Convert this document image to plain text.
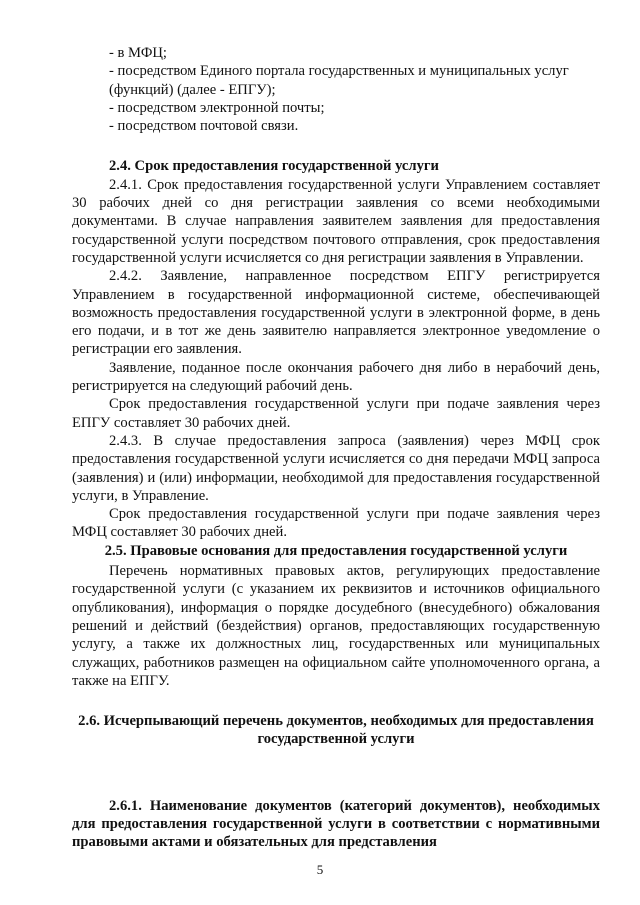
- в МФЦ;

- посредством Единого портала государственных и муниципальных услуг (функций) (далее - ЕПГУ);

- посредством электронной почты;

- посредством почтовой связи.

2.4. Срок предоставления государственной услуги

2.4.1. Срок предоставления государственной услуги Управлением составляет 30 рабочих дней со дня регистрации заявления со всеми необходимыми документами. В случае направления заявителем заявления для предоставления государственной услуги посредством почтового отправления, срок предоставления государственной услуги исчисляется со дня регистрации заявления в Управлении.

2.4.2. Заявление, направленное посредством ЕПГУ регистрируется Управлением в государственной информационной системе, обеспечивающей возможность предоставления государственной услуги в электронной форме, в день его подачи, и в тот же день заявителю направляется электронное уведомление о регистрации его заявления.

Заявление, поданное после окончания рабочего дня либо в нерабочий день, регистрируется на следующий рабочий день.

Срок предоставления государственной услуги при подаче заявления через ЕПГУ составляет 30 рабочих дней.

2.4.3. В случае предоставления запроса (заявления) через МФЦ срок предоставления государственной услуги исчисляется со дня передачи МФЦ запроса (заявления) и (или) информации, необходимой для предоставления государственной услуги, в Управление.

Срок предоставления государственной услуги при подаче заявления через МФЦ составляет 30 рабочих дней.

2.5. Правовые основания для предоставления государственной услуги

Перечень нормативных правовых актов, регулирующих предоставление государственной услуги (с указанием их реквизитов и источников официального опубликования), информация о порядке досудебного (внесудебного) обжалования решений и действий (бездействия) органов, предоставляющих государственную услугу, а также их должностных лиц, государственных или муниципальных служащих, работников размещен на официальном сайте уполномоченного органа, а также на ЕПГУ.

2.6. Исчерпывающий перечень документов, необходимых для предоставления государственной услуги

2.6.1. Наименование документов (категорий документов), необходимых для предоставления государственной услуги в соответствии с нормативными правовыми актами и обязательных для представления

5
